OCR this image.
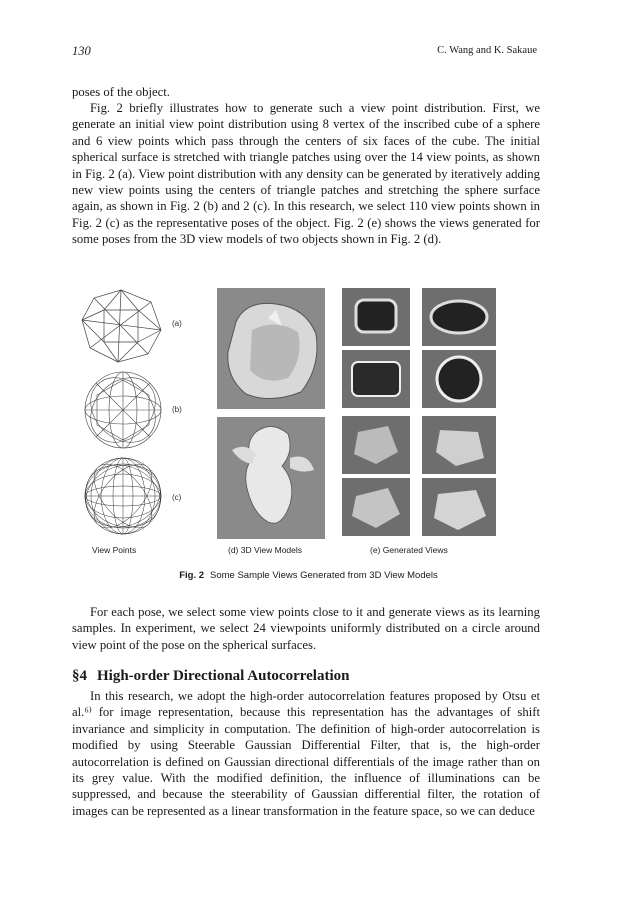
130	C. Wang and K. Sakaue

poses of the object.

Fig. 2 briefly illustrates how to generate such a view point distribution. First, we generate an initial view point distribution using 8 vertex of the inscribed cube of a sphere and 6 view points which pass through the centers of six faces of the cube. The initial spherical surface is stretched with triangle patches using over the 14 view points, as shown in Fig. 2 (a). View point distribution with any density can be generated by iteratively adding new view points using the centers of triangle patches and stretching the sphere surface again, as shown in Fig. 2 (b) and 2 (c). In this research, we select 110 view points shown in Fig. 2 (c) as the representative poses of the object. Fig. 2 (e) shows the views generated for some poses from the 3D view models of two objects shown in Fig. 2 (d).

(a)
(b)
(c)
View Points	(d) 3D View Models	(e) Generated Views
Fig. 2 Some Sample Views Generated from 3D View Models

For each pose, we select some view points close to it and generate views as its learning samples. In experiment, we select 24 viewpoints uniformly distributed on a circle around view point of the pose on the spherical surfaces.

§4 High-order Directional Autocorrelation

In this research, we adopt the high-order autocorrelation features proposed by Otsu et al.⁶⁾ for image representation, because this representation has the advantages of shift invariance and simplicity in computation. The definition of high-order autocorrelation is modified by using Steerable Gaussian Differential Filter, that is, the high-order autocorrelation is defined on Gaussian directional differentials of the image rather than on its grey value. With the modified definition, the influence of illuminations can be suppressed, and because the steerability of Gaussian differential filter, the rotation of images can be represented as a linear transformation in the feature space, so we can deduce
